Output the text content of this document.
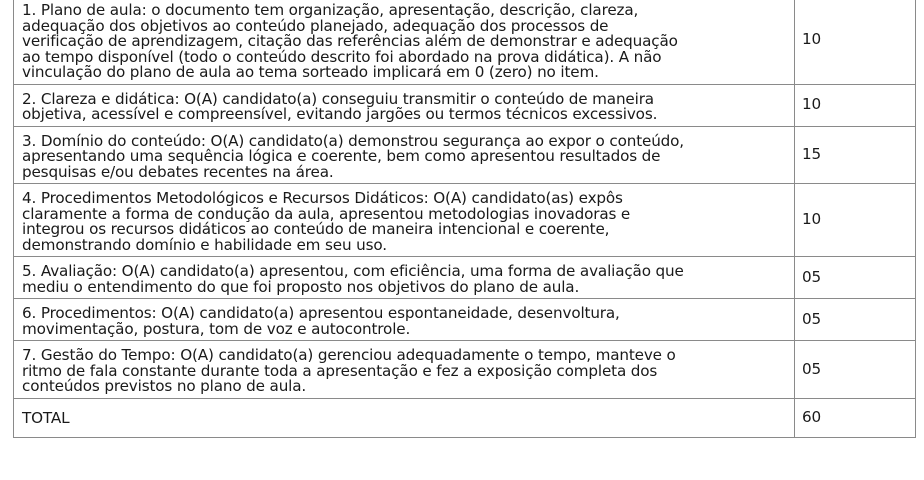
1. Plano de aula: o documento tem organização, apresentação, descrição, clareza,
adequação dos objetivos ao conteúdo planejado, adequação dos processos de
verificação de aprendizagem, citação das referências além de demonstrar e adequação
ao tempo disponível (todo o conteúdo descrito foi abordado na prova didática). A não
vinculação do plano de aula ao tema sorteado implicará em 0 (zero) no item.	10

2. Clareza e didática: O(A) candidato(a) conseguiu transmitir o conteúdo de maneira
objetiva, acessível e compreensível, evitando jargões ou termos técnicos excessivos.	10

3. Domínio do conteúdo: O(A) candidato(a) demonstrou segurança ao expor o conteúdo,
apresentando uma sequência lógica e coerente, bem como apresentou resultados de
pesquisas e/ou debates recentes na área.	15

4. Procedimentos Metodológicos e Recursos Didáticos: O(A) candidato(as) expôs
claramente a forma de condução da aula, apresentou metodologias inovadoras e
integrou os recursos didáticos ao conteúdo de maneira intencional e coerente,
demonstrando domínio e habilidade em seu uso.	10

5. Avaliação: O(A) candidato(a) apresentou, com eficiência, uma forma de avaliação que
mediu o entendimento do que foi proposto nos objetivos do plano de aula.	05

6. Procedimentos: O(A) candidato(a) apresentou espontaneidade, desenvoltura,
movimentação, postura, tom de voz e autocontrole.	05

7. Gestão do Tempo: O(A) candidato(a) gerenciou adequadamente o tempo, manteve o
ritmo de fala constante durante toda a apresentação e fez a exposição completa dos
conteúdos previstos no plano de aula.	05
TOTAL	60
